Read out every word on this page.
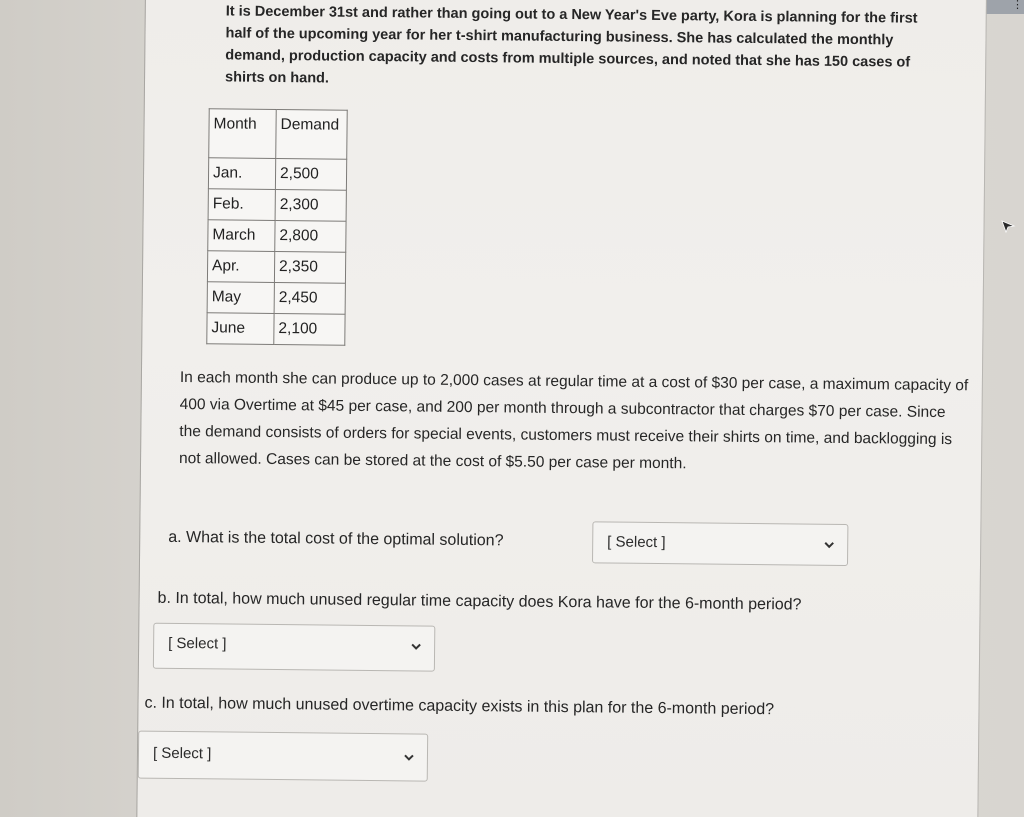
⋮

It is December 31st and rather than going out to a New Year's Eve party, Kora is planning for the first half of the upcoming year for her t-shirt manufacturing business. She has calculated the monthly demand, production capacity and costs from multiple sources, and noted that she has 150 cases of shirts on hand.

Month	Demand
Jan.	2,500
Feb.	2,300
March	2,800
Apr.	2,350
May	2,450
June	2,100

In each month she can produce up to 2,000 cases at regular time at a cost of $30 per case, a maximum capacity of 400 via Overtime at $45 per case, and 200 per month through a subcontractor that charges $70 per case. Since the demand consists of orders for special events, customers must receive their shirts on time, and backlogging is not allowed. Cases can be stored at the cost of $5.50 per case per month.

a. What is the total cost of the optimal solution?	[ Select ]

b. In total, how much unused regular time capacity does Kora have for the 6-month period?

[ Select ]

c. In total, how much unused overtime capacity exists in this plan for the 6-month period?

[ Select ]
